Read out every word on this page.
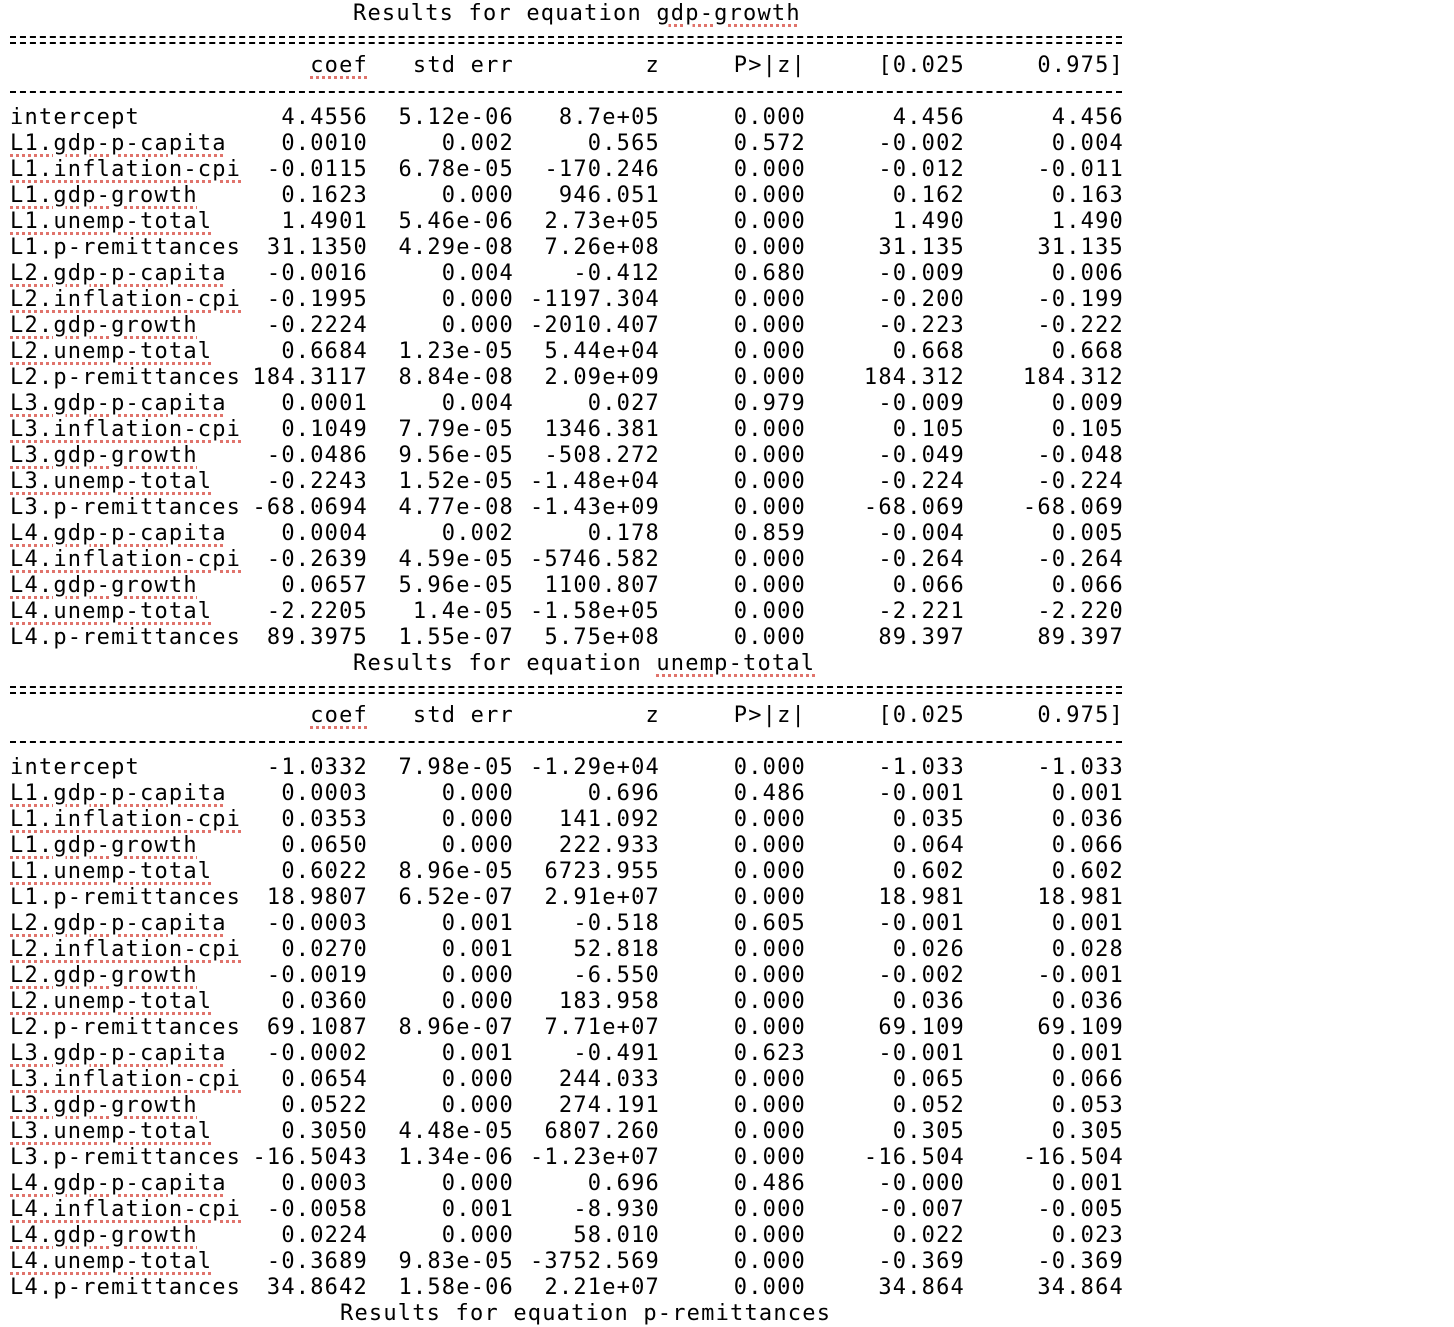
Results for equation gdp-growth
coef std err	z	P>|z|	[0.025	0.975]
intercept	4.4556 5.12e-06 8.7e+05	0.000	4.456	4.456
L1.gdp-p-capita 0.0010	0.002	0.565	0.572	-0.002	0.004
L1.inflation-cpi -0.0115 6.78e-05 -170.246	0.000	-0.012	-0.011
L1.gdp-growth	0.1623	0.000 946.051	0.000	0.162	0.163
L1.unemp-total	1.4901 5.46e-06 2.73e+05	0.000	1.490	1.490
L1.p-remittances 31.1350 4.29e-08 7.26e+08	0.000	31.135	31.135
L2.gdp-p-capita -0.0016	0.004	-0.412	0.680	-0.009	0.006
L2.inflation-cpi -0.1995	0.000 -1197.304	0.000	-0.200	-0.199
L2.gdp-growth	-0.2224	0.000 -2010.407	0.000	-0.223	-0.222
L2.unemp-total	0.6684 1.23e-05 5.44e+04	0.000	0.668	0.668
L2.p-remittances 184.3117 8.84e-08 2.09e+09	0.000	184.312	184.312
L3.gdp-p-capita 0.0001	0.004	0.027	0.979	-0.009	0.009
L3.inflation-cpi 0.1049 7.79e-05 1346.381	0.000	0.105	0.105
L3.gdp-growth	-0.0486 9.56e-05 -508.272	0.000	-0.049	-0.048
L3.unemp-total -0.2243 1.52e-05 -1.48e+04	0.000	-0.224	-0.224
L3.p-remittances -68.0694 4.77e-08 -1.43e+09	0.000	-68.069	-68.069
L4.gdp-p-capita 0.0004	0.002	0.178	0.859	-0.004	0.005
L4.inflation-cpi -0.2639 4.59e-05 -5746.582	0.000	-0.264	-0.264
L4.gdp-growth	0.0657 5.96e-05 1100.807	0.000	0.066	0.066
L4.unemp-total -2.2205 1.4e-05 -1.58e+05	0.000	-2.221	-2.220
L4.p-remittances 89.3975 1.55e-07 5.75e+08	0.000	89.397	89.397
Results for equation unemp-total
coef std err	z	P>|z|	[0.025	0.975]
intercept	-1.0332 7.98e-05 -1.29e+04	0.000	-1.033	-1.033
L1.gdp-p-capita 0.0003	0.000	0.696	0.486	-0.001	0.001
L1.inflation-cpi 0.0353	0.000 141.092	0.000	0.035	0.036
L1.gdp-growth	0.0650	0.000 222.933	0.000	0.064	0.066
L1.unemp-total	0.6022 8.96e-05 6723.955	0.000	0.602	0.602
L1.p-remittances 18.9807 6.52e-07 2.91e+07	0.000	18.981	18.981
L2.gdp-p-capita -0.0003	0.001	-0.518	0.605	-0.001	0.001
L2.inflation-cpi 0.0270	0.001	52.818	0.000	0.026	0.028
L2.gdp-growth	-0.0019	0.000	-6.550	0.000	-0.002	-0.001
L2.unemp-total	0.0360	0.000 183.958	0.000	0.036	0.036
L2.p-remittances 69.1087 8.96e-07 7.71e+07	0.000	69.109	69.109
L3.gdp-p-capita -0.0002	0.001	-0.491	0.623	-0.001	0.001
L3.inflation-cpi 0.0654	0.000 244.033	0.000	0.065	0.066
L3.gdp-growth	0.0522	0.000 274.191	0.000	0.052	0.053
L3.unemp-total	0.3050 4.48e-05 6807.260	0.000	0.305	0.305
L3.p-remittances -16.5043 1.34e-06 -1.23e+07	0.000	-16.504	-16.504
L4.gdp-p-capita 0.0003	0.000	0.696	0.486	-0.000	0.001
L4.inflation-cpi -0.0058	0.001	-8.930	0.000	-0.007	-0.005
L4.gdp-growth	0.0224	0.000	58.010	0.000	0.022	0.023
L4.unemp-total -0.3689 9.83e-05 -3752.569	0.000	-0.369	-0.369
L4.p-remittances 34.8642 1.58e-06 2.21e+07	0.000	34.864	34.864
Results for equation p-remittances
